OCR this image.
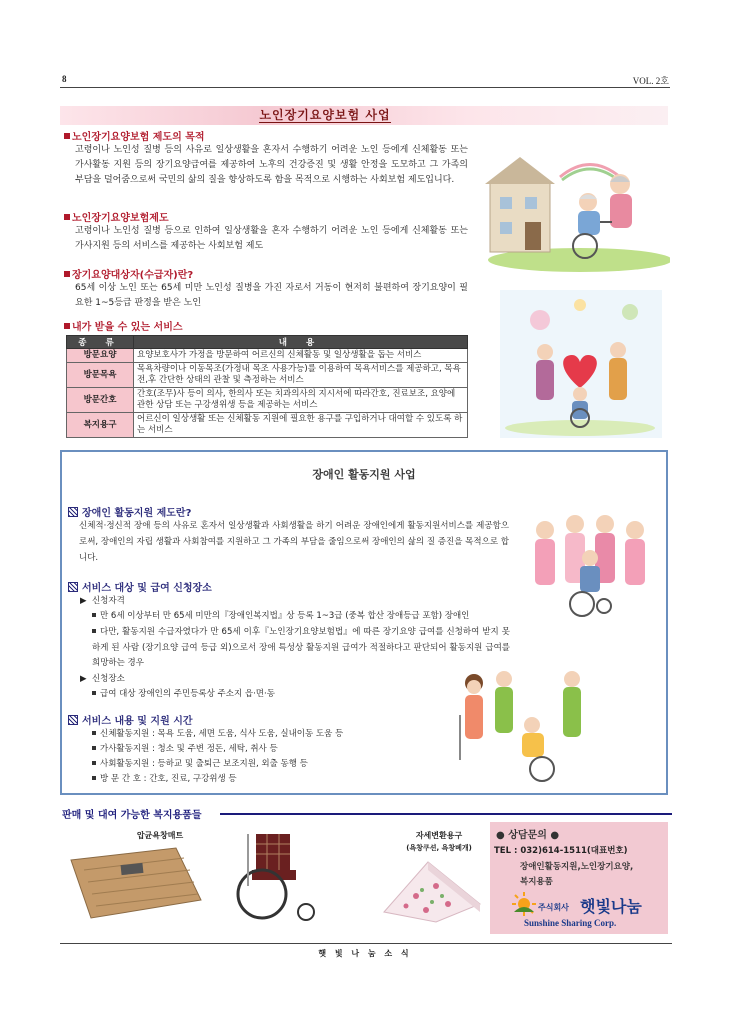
8	VOL. 2호
노인장기요양보험 사업
노인장기요양보험 제도의 목적
고령이나 노인성 질병 등의 사유로 일상생활을 혼자서 수행하기 어려운 노인 등에게 신체활동 또는 가사활동 지원 등의 장기요양급여를 제공하여 노후의 건강증진 및 생활 안정을 도모하고 그 가족의 부담을 덜어줌으로써 국민의 삶의 질을 향상하도록 함을 목적으로 시행하는 사회보험 제도입니다.
노인장기요양보험제도
고령이나 노인성 질병 등으로 인하여 일상생활을 혼자 수행하기 어려운 노인 등에게 신체활동 또는 가사지원 등의 서비스를 제공하는 사회보험 제도
장기요양대상자(수급자)란?
65세 이상 노인 또는 65세 미만 노인성 질병을 가진 자로서 거동이 현저히 불편하여 장기요양이 필요한 1~5등급 판정을 받은 노인
내가 받을 수 있는 서비스
종 류	내 용
방문요양	요양보호사가 가정을 방문하여 어르신의 신체활동 및 일상생활을 돕는 서비스
방문목욕	목욕차량이나 이동목조(가정내 목조 사용가능)를 이용하여 목욕서비스를 제공하고, 목욕 전,후 간단한 상태의 관찰 및 측정하는 서비스
방문간호	간호(조무)사 등이 의사, 한의사 또는 치과의사의 지시서에 따라간호, 진료보조, 요양에 관한 상담 또는 구강생위생 등을 제공하는 서비스
복지용구	어르신이 일상생활 또는 신체활동 지원에 필요한 용구를 구입하거나 대여할 수 있도록 하는 서비스
장애인 활동지원 사업
장애인 활동지원 제도란?
신체적·정신적 장애 등의 사유로 혼자서 일상생활과 사회생활을 하기 어려운 장애인에게 활동지원서비스를 제공함으로써, 장애인의 자립 생활과 사회참여를 지원하고 그 가족의 부담을 줄임으로써 장애인의 삶의 질 증진을 목적으로 합니다.
서비스 대상 및 급여 신청장소
▶  신청자격
만 6세 이상부터 만 65세 미만의『장애인복지법』상 등록 1~3급 (중복 합산 장애등급 포함) 장애인
다만, 활동지원 수급자였다가 만 65세 이후『노인장기요양보험법』에 따른 장기요양 급여를 신청하여 받지 못하게 된 사람 (장기요양 급여 등급 외)으로서 장애 특성상 활동지원 급여가 적절하다고 판단되어 활동지원 급여를 희망하는 경우
▶  신청장소
급여 대상 장애인의 주민등록상 주소지 읍·면·동
서비스 내용 및 지원 시간
신체활동지원 : 목욕 도움, 세면 도움, 식사 도움, 실내이동 도움 등
가사활동지원 : 청소 및 주변 정돈, 세탁, 취사 등
사회활동지원 : 등하교 및 출퇴근 보조지원, 외출 동행 등
방 문 간 호 : 간호, 진료, 구강위생 등
판매 및 대여 가능한 복지용품들
압균욕창매트	자세변환용구
(욕창쿠션, 욕창베개)
● 상담문의 ●
TEL : 032)614-1511(대표번호)
장애인활동지원,노인장기요양,
복지용품
주식회사 햇빛나눔
Sunshine Sharing Corp.
햇 빛 나 눔 소 식
